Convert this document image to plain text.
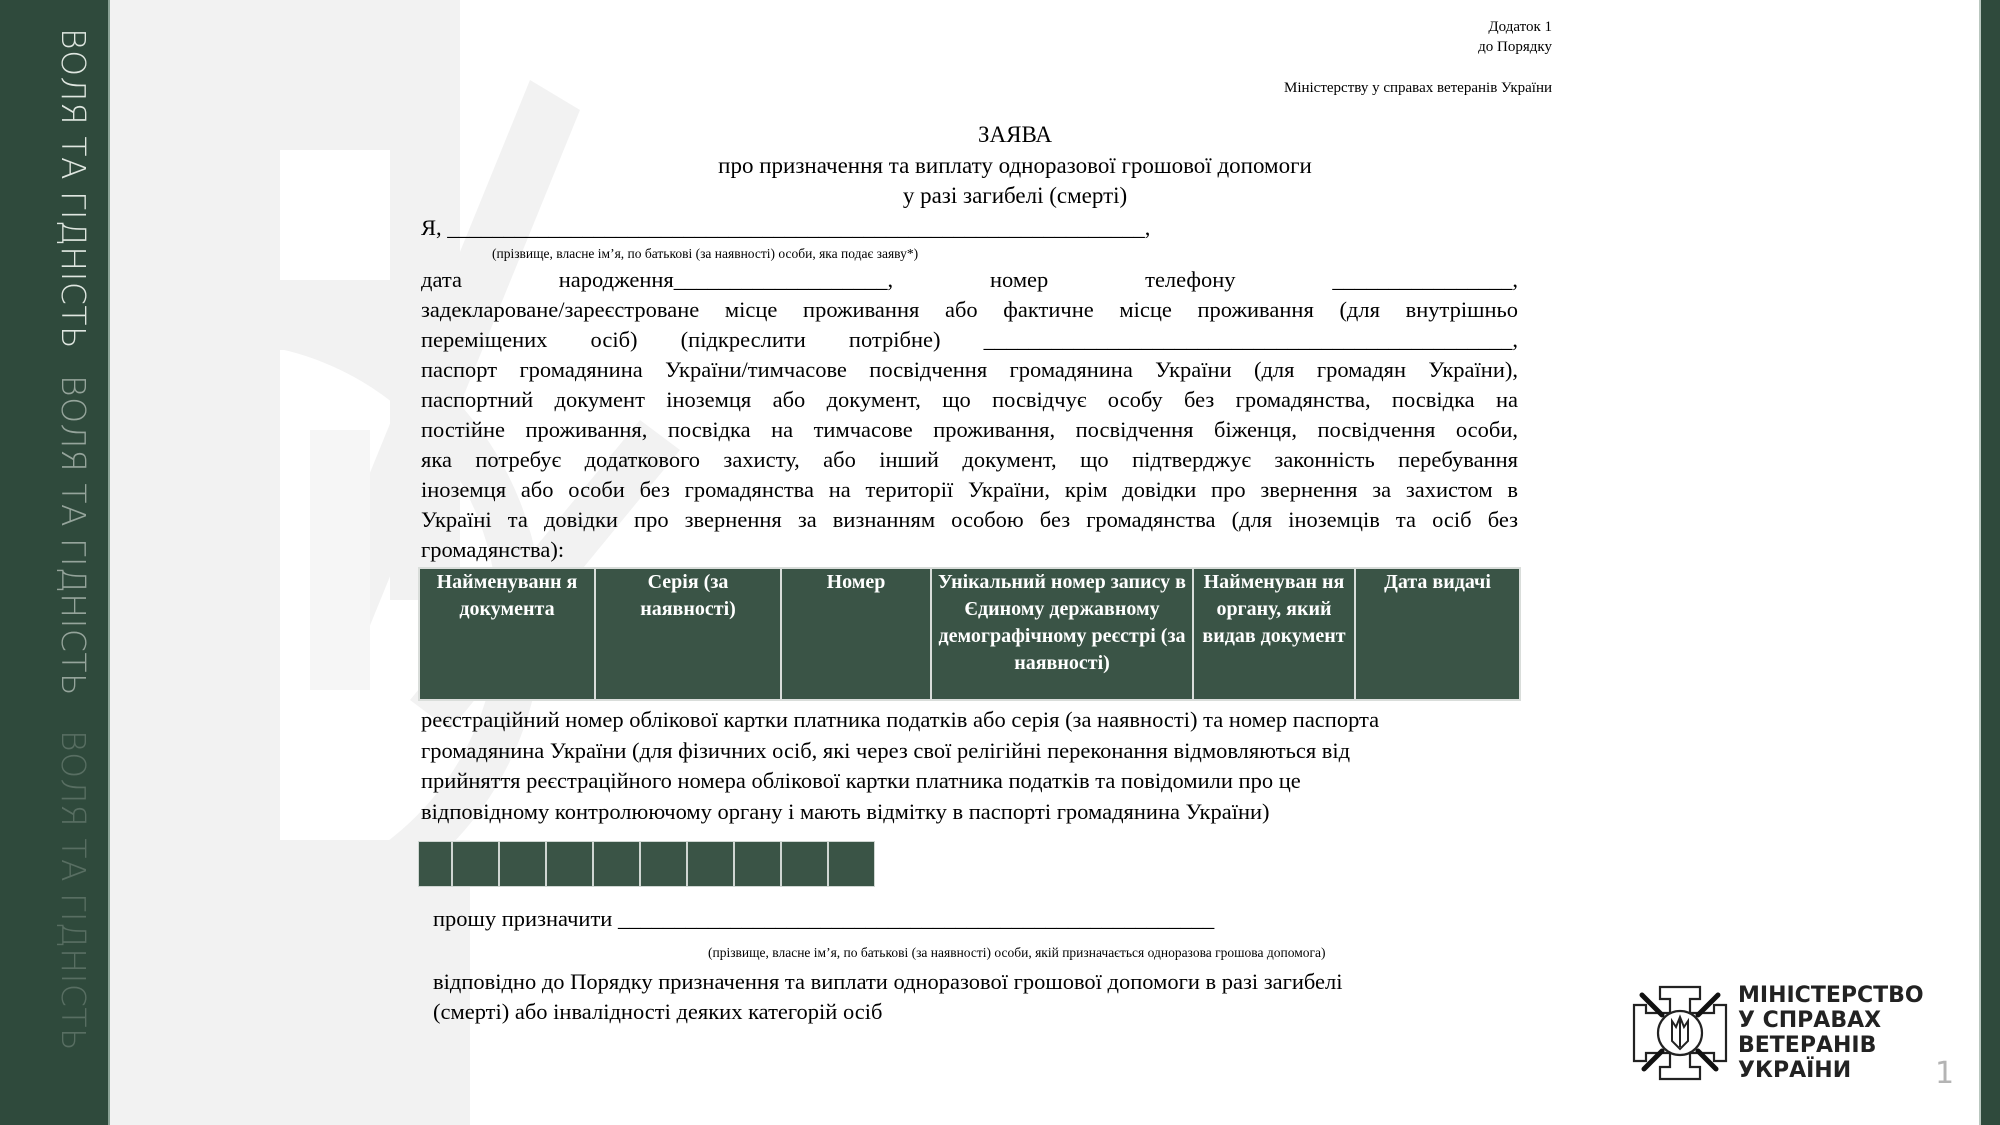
ВОЛЯ ТА ГІДНІСТЬ
ВОЛЯ ТА ГІДНІСТЬ
ВОЛЯ ТА ГІДНІСТЬ
Додаток 1
до Порядку
Міністерству у справах ветеранів України
ЗАЯВА
про призначення та виплату одноразової грошової допомоги
у разі загибелі (смерті)
Я, ______________________________________________________________,
(прізвище, власне ім’я, по батькові (за наявності) особи, яка подає заяву*)
дата	народження___________________,	номер	телефону	________________,
задеклароване/зареєстроване місце проживання або фактичне місце проживання (для внутрішньо
переміщених осіб) (підкреслити потрібне) _______________________________________________,
паспорт громадянина України/тимчасове посвідчення громадянина України (для громадян України),
паспортний документ іноземця або документ, що посвідчує особу без громадянства, посвідка на
постійне проживання, посвідка на тимчасове проживання, посвідчення біженця, посвідчення особи,
яка потребує додаткового захисту, або інший документ, що підтверджує законність перебування
іноземця або особи без громадянства на території України, крім довідки про звернення за захистом в
Україні та довідки про звернення за визнанням особою без громадянства (для іноземців та осіб без
громадянства):
Найменуванн я документа	Серія (за наявності)	Номер	Унікальний номер запису в Єдиному державному демографічному реєстрі (за наявності)	Найменуван ня органу, який видав документ	Дата видачі
реєстраційний номер облікової картки платника податків або серія (за наявності) та номер паспорта
громадянина України (для фізичних осіб, які через свої релігійні переконання відмовляються від
прийняття реєстраційного номера облікової картки платника податків та повідомили про це
відповідному контролюючому органу і мають відмітку в паспорті громадянина України)
прошу призначити _____________________________________________________
(прізвище, власне ім’я, по батькові (за наявності) особи, якій призначається одноразова грошова допомога)
відповідно до Порядку призначення та виплати одноразової грошової допомоги в разі загибелі
(смерті) або інвалідності деяких категорій осіб
МІНІСТЕРСТВО
У СПРАВАХ
ВЕТЕРАНІВ
УКРАЇНИ	1
